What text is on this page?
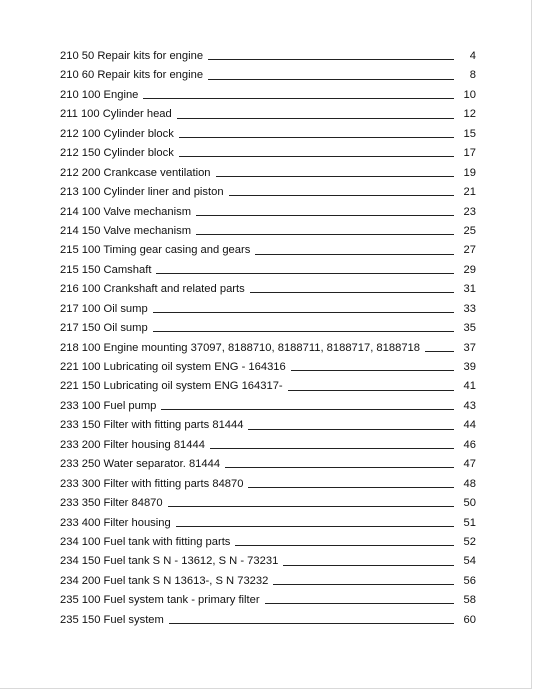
210 50 Repair kits for engine	4
210 60 Repair kits for engine	8
210 100 Engine	10
211 100 Cylinder head	12
212 100 Cylinder block	15
212 150 Cylinder block	17
212 200 Crankcase ventilation	19
213 100 Cylinder liner and piston	21
214 100 Valve mechanism	23
214 150 Valve mechanism	25
215 100 Timing gear casing and gears	27
215 150 Camshaft	29
216 100 Crankshaft and related parts	31
217 100 Oil sump	33
217 150 Oil sump	35
218 100 Engine mounting 37097, 8188710, 8188711, 8188717, 8188718	37
221 100 Lubricating oil system ENG - 164316	39
221 150 Lubricating oil system ENG 164317-	41
233 100 Fuel pump	43
233 150 Filter with fitting parts 81444	44
233 200 Filter housing 81444	46
233 250 Water separator. 81444	47
233 300 Filter with fitting parts 84870	48
233 350 Filter 84870	50
233 400 Filter housing	51
234 100 Fuel tank with fitting parts	52
234 150 Fuel tank S N - 13612, S N - 73231	54
234 200 Fuel tank S N 13613-, S N 73232	56
235 100 Fuel system tank - primary filter	58
235 150 Fuel system	60
